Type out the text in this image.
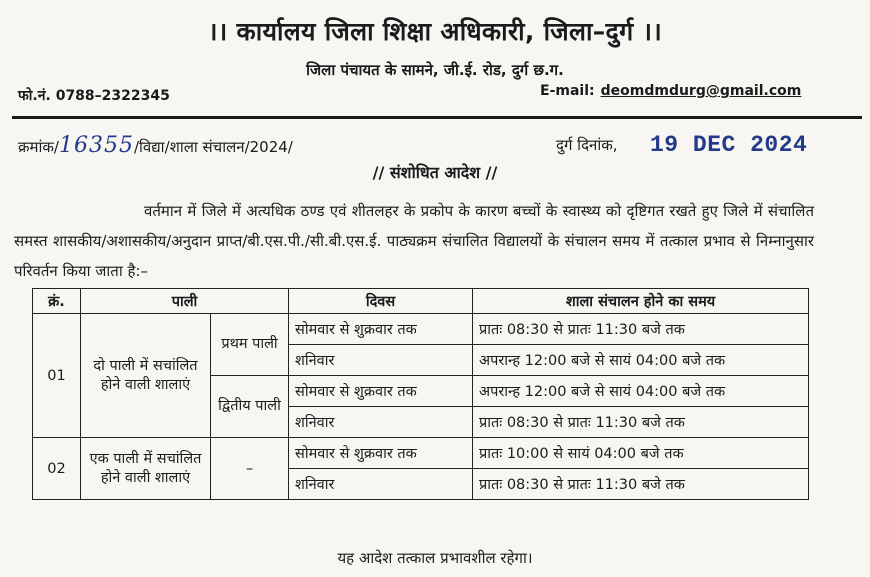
।। कार्यालय जिला शिक्षा अधिकारी, जिला–दुर्ग ।।
जिला पंचायत के सामने, जी.ई. रोड, दुर्ग छ.ग.
फो.नं. 0788–2322345	E-mail: deomdmdurg@gmail.com
क्रमांक/16355/विद्या/शाला संचालन/2024/	दुर्ग दिनांक, 19 DEC 2024
// संशोधित आदेश //
वर्तमान में जिले में अत्यधिक ठण्ड एवं शीतलहर के प्रकोप के कारण बच्चों के स्वास्थ्य को दृष्टिगत रखते हुए जिले में संचालित समस्त शासकीय/अशासकीय/अनुदान प्राप्त/बी.एस.पी./सी.बी.एस.ई. पाठ्यक्रम संचालित विद्यालयों के संचालन समय में तत्काल प्रभाव से निम्नानुसार परिवर्तन किया जाता है:–
क्रं.	पाली		दिवस	शाला संचालन होने का समय
01	दो पाली में सचांलित होने वाली शालाएं	प्रथम पाली	सोमवार से शुक्रवार तक	प्रातः 08:30 से प्रातः 11:30 बजे तक
			शनिवार	अपरान्ह 12:00 बजे से सायं 04:00 बजे तक
		द्वितीय पाली	सोमवार से शुक्रवार तक	अपरान्ह 12:00 बजे से सायं 04:00 बजे तक
			शनिवार	प्रातः 08:30 से प्रातः 11:30 बजे तक
02	एक पाली में सचांलित होने वाली शालाएं	–	सोमवार से शुक्रवार तक	प्रातः 10:00 से सायं 04:00 बजे तक
			शनिवार	प्रातः 08:30 से प्रातः 11:30 बजे तक
यह आदेश तत्काल प्रभावशील रहेगा।
